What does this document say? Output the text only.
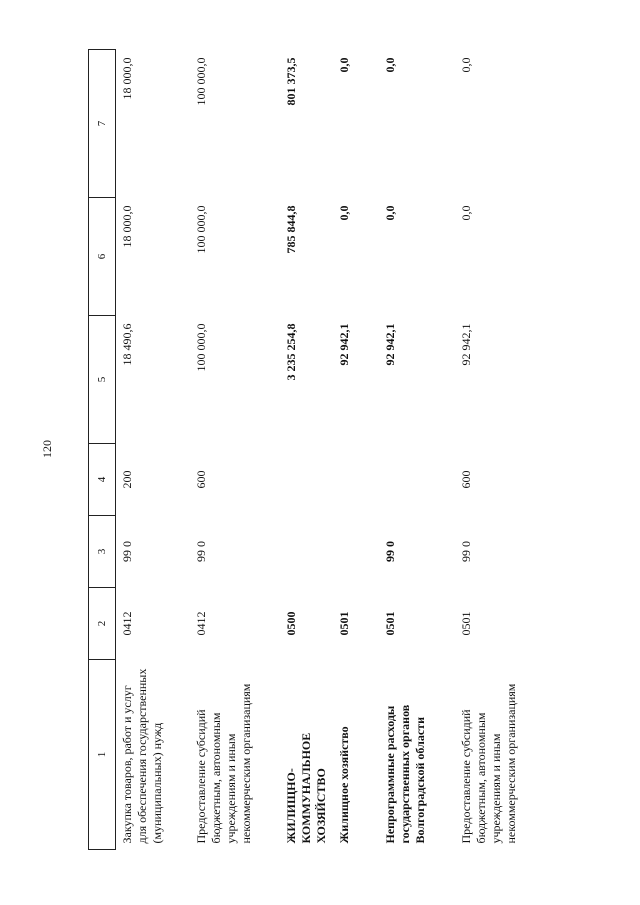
120
1	2	3	4	5	6	7
Закупка товаров, работ и услуг для обеспечения государственных (муниципальных) нужд	0412	99 0	200	18 490,6	18 000,0	18 000,0
Предоставление субсидий бюджетным, автономным учреждениям и иным некоммерческим организациям	0412	99 0	600	100 000,0	100 000,0	100 000,0
ЖИЛИЩНО-КОММУНАЛЬНОЕ ХОЗЯЙСТВО	0500			3 235 254,8	785 844,8	801 373,5
Жилищное хозяйство	0501			92 942,1	0,0	0,0
Непрограммные расходы государственных органов Волгоградской области	0501	99 0		92 942,1	0,0	0,0
Предоставление субсидий бюджетным, автономным учреждениям и иным некоммерческим организациям	0501	99 0	600	92 942,1	0,0	0,0
